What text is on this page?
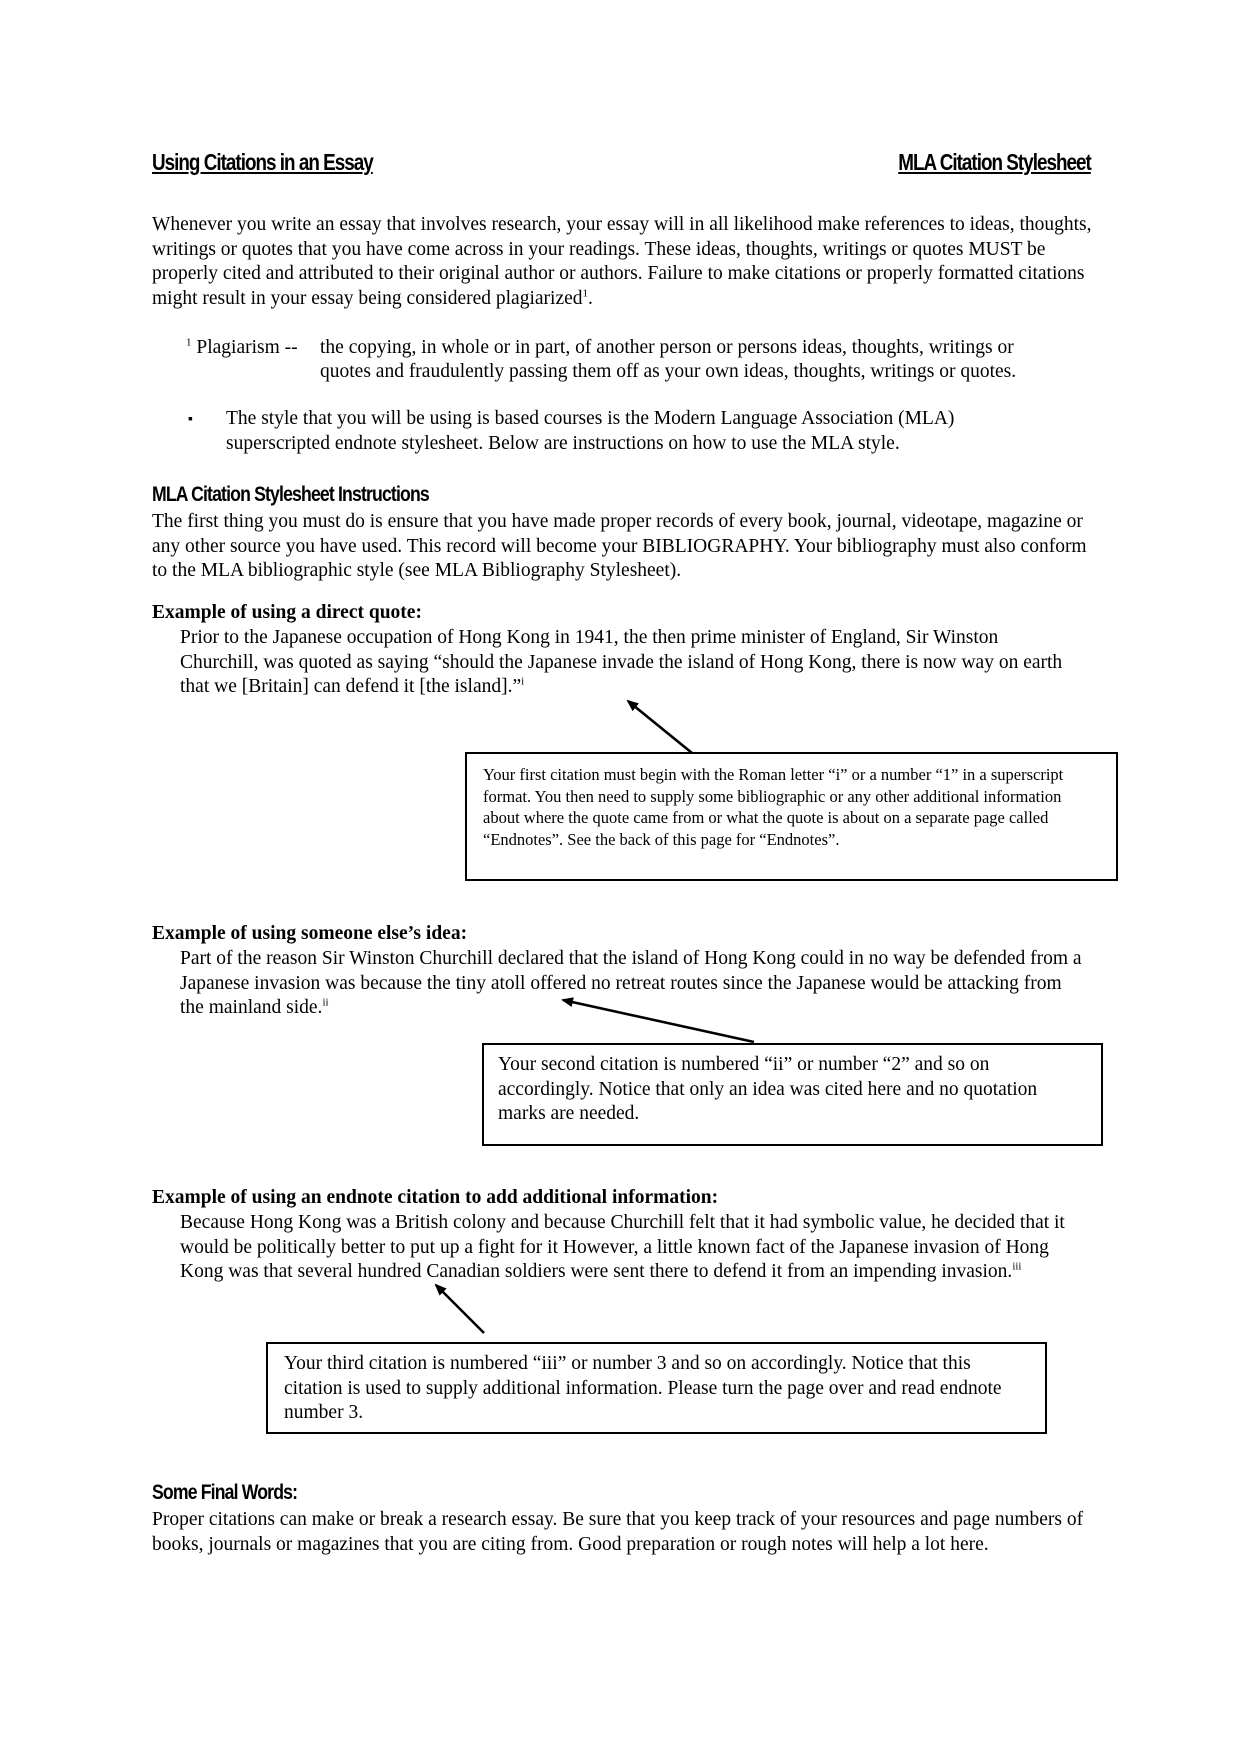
Using Citations in an Essay	MLA Citation Stylesheet
Whenever you write an essay that involves research, your essay will in all likelihood make references to ideas, thoughts, writings or quotes that you have come across in your readings. These ideas, thoughts, writings or quotes MUST be properly cited and attributed to their original author or authors. Failure to make citations or properly formatted citations might result in your essay being considered plagiarized$^1$.
$^1$ Plagiarism -- the copying, in whole or in part, of another person or persons ideas, thoughts, writings or
quotes and fraudulently passing them off as your own ideas, thoughts, writings or quotes.
▪ The style that you will be using is based courses is the Modern Language Association (MLA) superscripted endnote stylesheet. Below are instructions on how to use the MLA style.
MLA Citation Stylesheet Instructions
The first thing you must do is ensure that you have made proper records of every book, journal, videotape, magazine or any other source you have used. This record will become your BIBLIOGRAPHY. Your bibliography must also conform to the MLA bibliographic style (see MLA Bibliography Stylesheet).
Example of using a direct quote:
Prior to the Japanese occupation of Hong Kong in 1941, the then prime minister of England, Sir Winston Churchill, was quoted as saying “should the Japanese invade the island of Hong Kong, there is now way on earth that we [Britain] can defend it [the island].”$^i$
Your first citation must begin with the Roman letter “i” or a number “1” in a superscript format. You then need to supply some bibliographic or any other additional information about where the quote came from or what the quote is about on a separate page called “Endnotes”. See the back of this page for “Endnotes”.
Example of using someone else’s idea:
Part of the reason Sir Winston Churchill declared that the island of Hong Kong could in no way be defended from a Japanese invasion was because the tiny atoll offered no retreat routes since the Japanese would be attacking from the mainland side.$^{ii}$
Your second citation is numbered “ii” or number “2” and so on accordingly. Notice that only an idea was cited here and no quotation marks are needed.
Example of using an endnote citation to add additional information:
Because Hong Kong was a British colony and because Churchill felt that it had symbolic value, he decided that it would be politically better to put up a fight for it However, a little known fact of the Japanese invasion of Hong Kong was that several hundred Canadian soldiers were sent there to defend it from an impending invasion.$^{iii}$
Your third citation is numbered “iii” or number 3 and so on accordingly. Notice that this citation is used to supply additional information. Please turn the page over and read endnote number 3.
Some Final Words:
Proper citations can make or break a research essay. Be sure that you keep track of your resources and page numbers of books, journals or magazines that you are citing from. Good preparation or rough notes will help a lot here.
